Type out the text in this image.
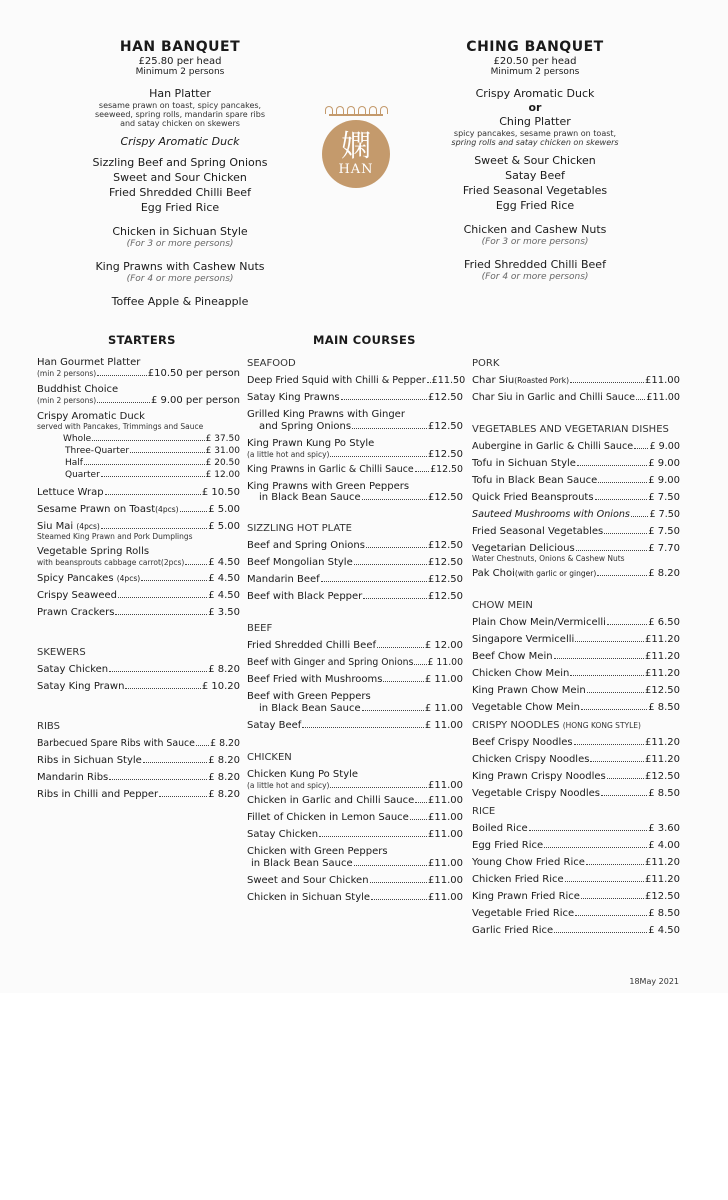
HAN BANQUET
£25.80 per head
Minimum 2 persons
Han Platter
sesame prawn on toast, spicy pancakes,
seeweed, spring rolls, mandarin spare ribs
and satay chicken on skewers
Crispy Aromatic Duck
Sizzling Beef and Spring Onions
Sweet and Sour Chicken
Fried Shredded Chilli Beef
Egg Fried Rice
Chicken in Sichuan Style
(For 3 or more persons)
King Prawns with Cashew Nuts
(For 4 or more persons)
Toffee Apple & Pineapple
嫻
HAN
CHING BANQUET
£20.50 per head
Minimum 2 persons
Crispy Aromatic Duck
or
Ching Platter
spicy pancakes, sesame prawn on toast,
spring rolls and satay chicken on skewers
Sweet & Sour Chicken
Satay Beef
Fried Seasonal Vegetables
Egg Fried Rice
Chicken and Cashew Nuts
(For 3 or more persons)
Fried Shredded Chilli Beef
(For 4 or more persons)
STARTERS	MAIN COURSES
Han Gourmet Platter
(min 2 persons)	£10.50 per person
Buddhist Choice
(min 2 persons)	£ 9.00 per person
Crispy Aromatic Duck
served with Pancakes, Trimmings and Sauce
Whole	£ 37.50
Three-Quarter	£ 31.00
Half	£ 20.50
Quarter	£ 12.00
Lettuce Wrap	£ 10.50
Sesame Prawn on Toast(4pcs)	£ 5.00
Siu Mai (4pcs)	£ 5.00
Steamed King Prawn and Pork Dumplings
Vegetable Spring Rolls
with beansprouts cabbage carrot(2pcs) £ 4.50
Spicy Pancakes (4pcs)	£ 4.50
Crispy Seaweed	£ 4.50
Prawn Crackers	£ 3.50
SKEWERS
Satay Chicken	£ 8.20
Satay King Prawn	£ 10.20
RIBS
Barbecued Spare Ribs with Sauce £ 8.20
Ribs in Sichuan Style	£ 8.20
Mandarin Ribs	£ 8.20
Ribs in Chilli and Pepper	£ 8.20
SEAFOOD
Deep Fried Squid with Chilli & Pepper £11.50
Satay King Prawns	£12.50
Grilled King Prawns with Ginger
and Spring Onions	£12.50
King Prawn Kung Po Style
(a little hot and spicy)	£12.50
King Prawns in Garlic & Chilli Sauce £12.50
King Prawns with Green Peppers
in Black Bean Sauce	£12.50
SIZZLING HOT PLATE
Beef and Spring Onions	£12.50
Beef Mongolian Style	£12.50
Mandarin Beef	£12.50
Beef with Black Pepper	£12.50
BEEF
Fried Shredded Chilli Beef	£ 12.00
Beef with Ginger and Spring Onions £ 11.00
Beef Fried with Mushrooms	£ 11.00
Beef with Green Peppers
in Black Bean Sauce	£ 11.00
Satay Beef	£ 11.00
CHICKEN
Chicken Kung Po Style
(a little hot and spicy)	£11.00
Chicken in Garlic and Chilli Sauce £11.00
Fillet of Chicken in Lemon Sauce £11.00
Satay Chicken	£11.00
Chicken with Green Peppers
in Black Bean Sauce	£11.00
Sweet and Sour Chicken	£11.00
Chicken in Sichuan Style	£11.00
PORK
Char Siu(Roasted Pork)	£11.00
Char Siu in Garlic and Chilli Sauce £11.00
VEGETABLES AND VEGETARIAN DISHES
Aubergine in Garlic & Chilli Sauce £ 9.00
Tofu in Sichuan Style	£ 9.00
Tofu in Black Bean Sauce	£ 9.00
Quick Fried Beansprouts	£ 7.50
Sauteed Mushrooms with Onions £ 7.50
Fried Seasonal Vegetables	£ 7.50
Vegetarian Delicious	£ 7.70
Water Chestnuts, Onions & Cashew Nuts
Pak Choi(with garlic or ginger)	£ 8.20
CHOW MEIN
Plain Chow Mein/Vermicelli	£ 6.50
Singapore Vermicelli	£11.20
Beef Chow Mein	£11.20
Chicken Chow Mein	£11.20
King Prawn Chow Mein	£12.50
Vegetable Chow Mein	£ 8.50
CRISPY NOODLES (HONG KONG STYLE)
Beef Crispy Noodles	£11.20
Chicken Crispy Noodles	£11.20
King Prawn Crispy Noodles	£12.50
Vegetable Crispy Noodles	£ 8.50
RICE
Boiled Rice	£ 3.60
Egg Fried Rice	£ 4.00
Young Chow Fried Rice	£11.20
Chicken Fried Rice	£11.20
King Prawn Fried Rice	£12.50
Vegetable Fried Rice	£ 8.50
Garlic Fried Rice	£ 4.50
18May 2021
